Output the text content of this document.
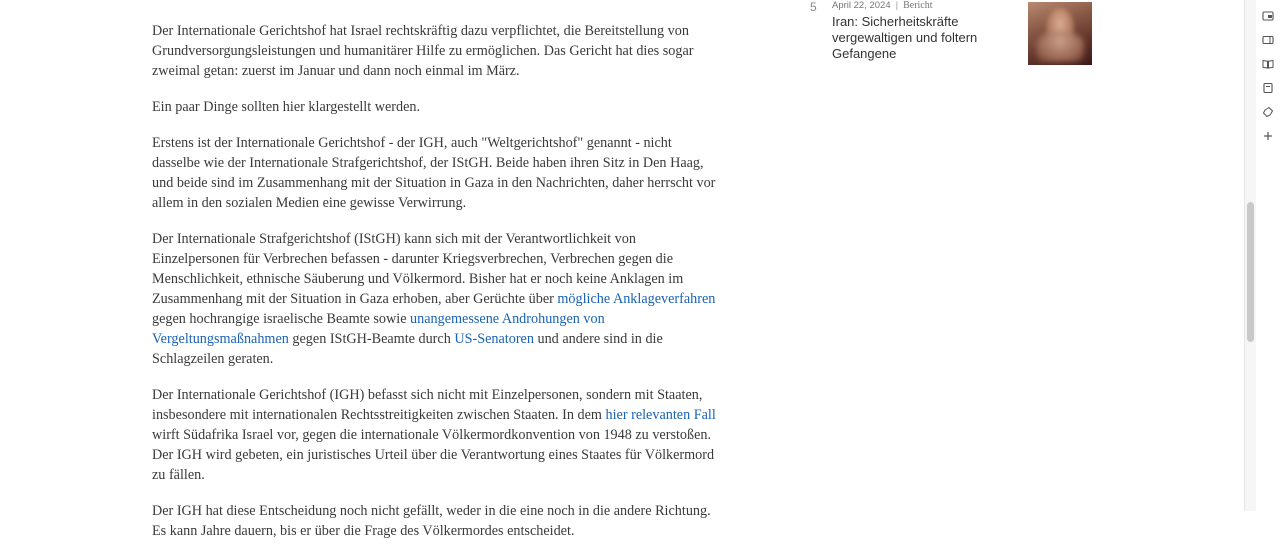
Der Internationale Gerichtshof hat Israel rechtskräftig dazu verpflichtet, die Bereitstellung von Grundversorgungsleistungen und humanitärer Hilfe zu ermöglichen. Das Gericht hat dies sogar zweimal getan: zuerst im Januar und dann noch einmal im März.

Ein paar Dinge sollten hier klargestellt werden.

Erstens ist der Internationale Gerichtshof - der IGH, auch "Weltgerichtshof" genannt - nicht dasselbe wie der Internationale Strafgerichtshof, der IStGH. Beide haben ihren Sitz in Den Haag, und beide sind im Zusammenhang mit der Situation in Gaza in den Nachrichten, daher herrscht vor allem in den sozialen Medien eine gewisse Verwirrung.

Der Internationale Strafgerichtshof (IStGH) kann sich mit der Verantwortlichkeit von Einzelpersonen für Verbrechen befassen - darunter Kriegsverbrechen, Verbrechen gegen die Menschlichkeit, ethnische Säuberung und Völkermord. Bisher hat er noch keine Anklagen im Zusammenhang mit der Situation in Gaza erhoben, aber Gerüchte über mögliche Anklageverfahren gegen hochrangige israelische Beamte sowie unangemessene Androhungen von Vergeltungsmaßnahmen gegen IStGH-Beamte durch US-Senatoren und andere sind in die Schlagzeilen geraten.

Der Internationale Gerichtshof (IGH) befasst sich nicht mit Einzelpersonen, sondern mit Staaten, insbesondere mit internationalen Rechtsstreitigkeiten zwischen Staaten. In dem hier relevanten Fall wirft Südafrika Israel vor, gegen die internationale Völkermordkonvention von 1948 zu verstoßen. Der IGH wird gebeten, ein juristisches Urteil über die Verantwortung eines Staates für Völkermord zu fällen.

Der IGH hat diese Entscheidung noch nicht gefällt, weder in die eine noch in die andere Richtung. Es kann Jahre dauern, bis er über die Frage des Völkermordes entscheidet.

5 April 22, 2024 | Bericht
Iran: Sicherheitskräfte vergewaltigen und foltern Gefangene
